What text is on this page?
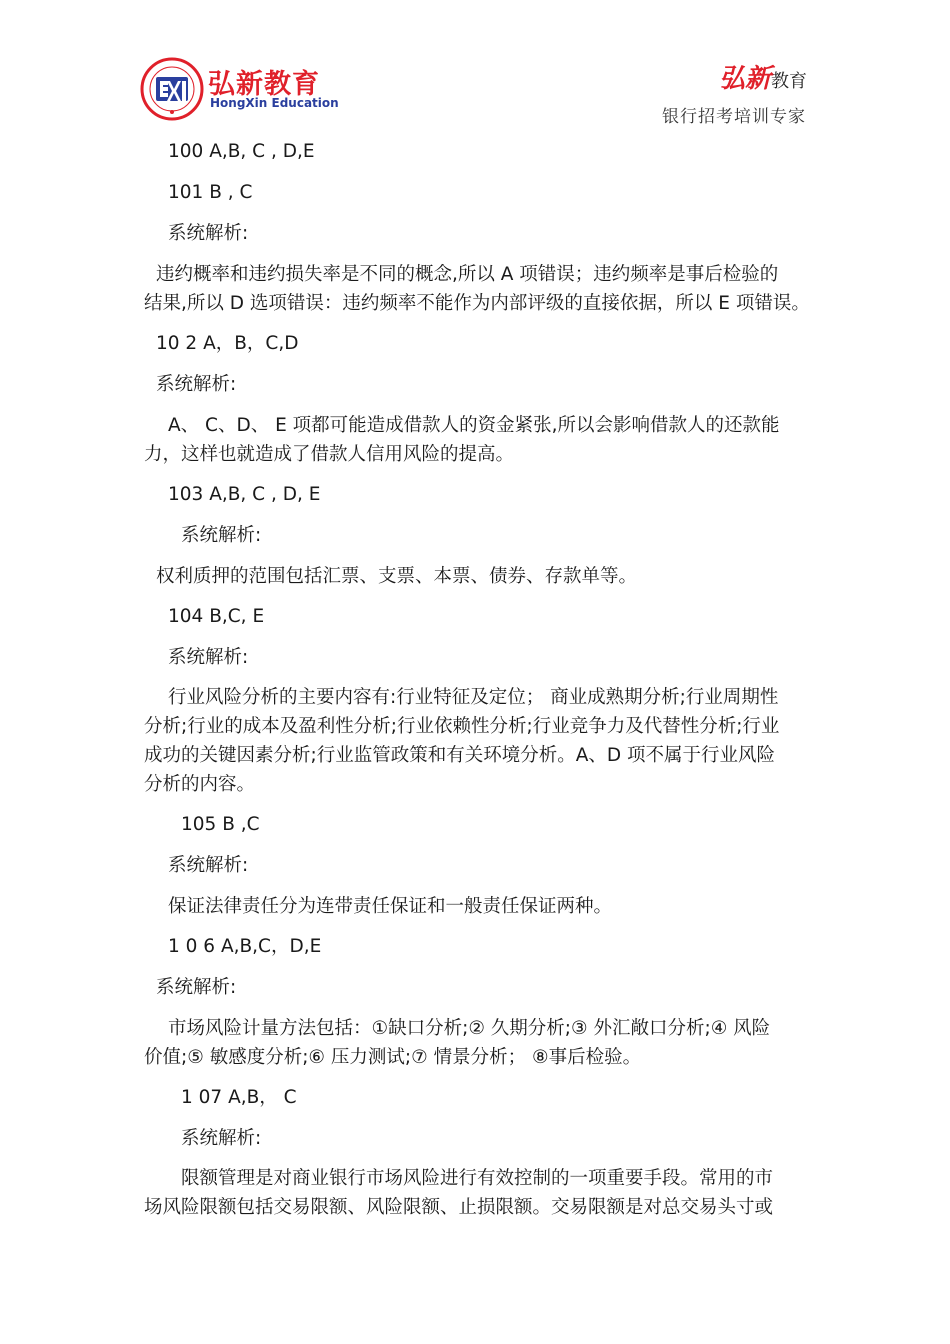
弘新教育
HongXin Education
弘新教育
银行招考培训专家
100 A,B, C , D,E
101 B , C
系统解析:
违约概率和违约损失率是不同的概念,所以 A 项错误；违约频率是事后检验的
结果,所以 D 选项错误：违约频率不能作为内部评级的直接依据，所以 E 项错误。
10 2 A，B，C,D
系统解析:
A、 C、D、 E 项都可能造成借款人的资金紧张,所以会影响借款人的还款能
力，这样也就造成了借款人信用风险的提高。
103 A,B, C , D, E
系统解析:
权利质押的范围包括汇票、支票、本票、债券、存款单等。
104 B,C, E
系统解析:
行业风险分析的主要内容有:行业特征及定位； 商业成熟期分析;行业周期性
分析;行业的成本及盈利性分析;行业依赖性分析;行业竞争力及代替性分析;行业
成功的关键因素分析;行业监管政策和有关环境分析。A、D 项不属于行业风险
分析的内容。
105 B ,C
系统解析:
保证法律责任分为连带责任保证和一般责任保证两种。
1 0 6 A,B,C，D,E
系统解析:
市场风险计量方法包括：①缺口分析;② 久期分析;③ 外汇敞口分析;④ 风险
价值;⑤ 敏感度分析;⑥ 压力测试;⑦ 情景分析； ⑧事后检验。
1 07 A,B， C
系统解析:
限额管理是对商业银行市场风险进行有效控制的一项重要手段。常用的市
场风险限额包括交易限额、风险限额、止损限额。交易限额是对总交易头寸或
